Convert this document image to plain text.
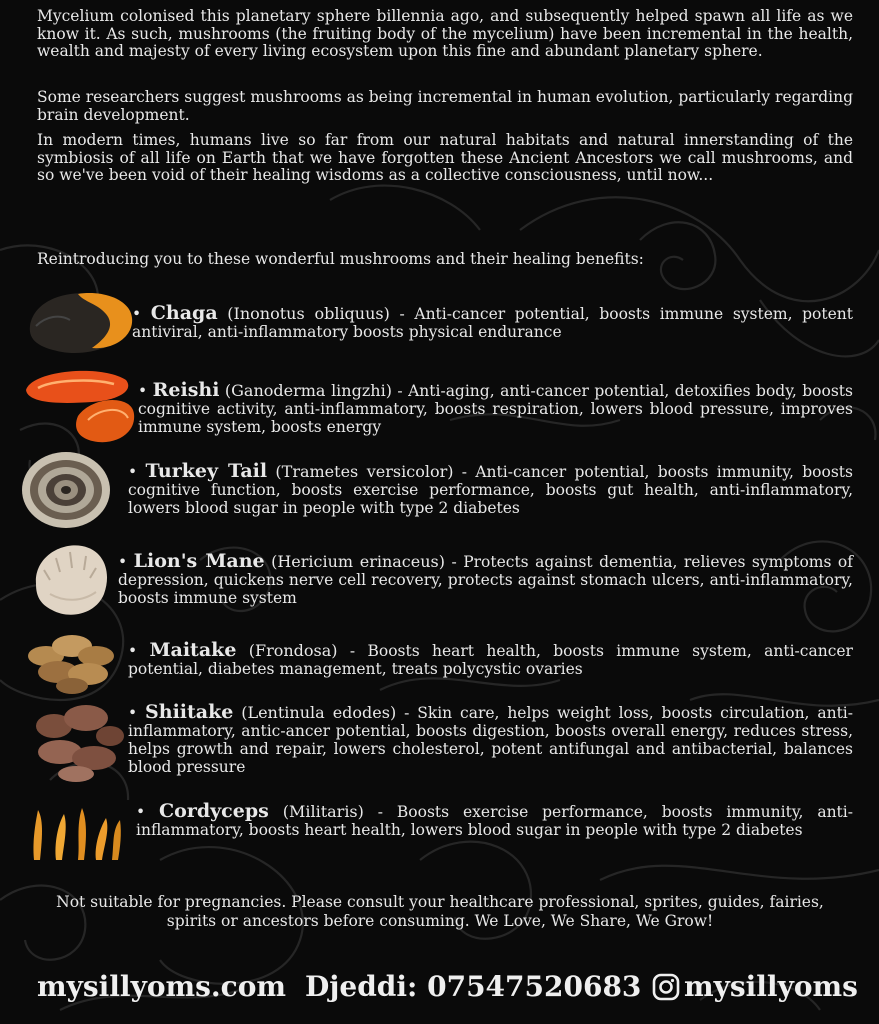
Mycelium colonised this planetary sphere billennia ago, and subsequently helped spawn all life as we know it. As such, mushrooms (the fruiting body of the mycelium) have been incremental in the health, wealth and majesty of every living ecosystem upon this fine and abundant planetary sphere.

Some researchers suggest mushrooms as being incremental in human evolution, particularly regarding brain development.

In modern times, humans live so far from our natural habitats and natural innerstanding of the symbiosis of all life on Earth that we have forgotten these Ancient Ancestors we call mushrooms, and so we've been void of their healing wisdoms as a collective consciousness, until now...

Reintroducing you to these wonderful mushrooms and their healing benefits:

• Chaga (Inonotus obliquus) - Anti-cancer potential, boosts immune system, potent antiviral, anti-inflammatory boosts physical endurance

• Reishi (Ganoderma lingzhi) - Anti-aging, anti-cancer potential, detoxifies body, boosts cognitive activity, anti-inflammatory, boosts respiration, lowers blood pressure, improves immune system, boosts energy

• Turkey Tail (Trametes versicolor) - Anti-cancer potential, boosts immunity, boosts cognitive function, boosts exercise performance, boosts gut health, anti-inflammatory, lowers blood sugar in people with type 2 diabetes

• Lion's Mane (Hericium erinaceus) - Protects against dementia, relieves symptoms of depression, quickens nerve cell recovery, protects against stomach ulcers, anti-inflammatory, boosts immune system

• Maitake (Frondosa) - Boosts heart health, boosts immune system, anti-cancer potential, diabetes management, treats polycystic ovaries

• Shiitake (Lentinula edodes) - Skin care, helps weight loss, boosts circulation, anti-inflammatory, antic-ancer potential, boosts digestion, boosts overall energy, reduces stress, helps growth and repair, lowers cholesterol, potent antifungal and antibacterial, balances blood pressure

• Cordyceps (Militaris) - Boosts exercise performance, boosts immunity, anti-inflammatory, boosts heart health, lowers blood sugar in people with type 2 diabetes

Not suitable for pregnancies. Please consult your healthcare professional, sprites, guides, fairies, spirits or ancestors before consuming. We Love, We Share, We Grow!

mysillyoms.com Djeddi: 07547520683 mysillyoms
